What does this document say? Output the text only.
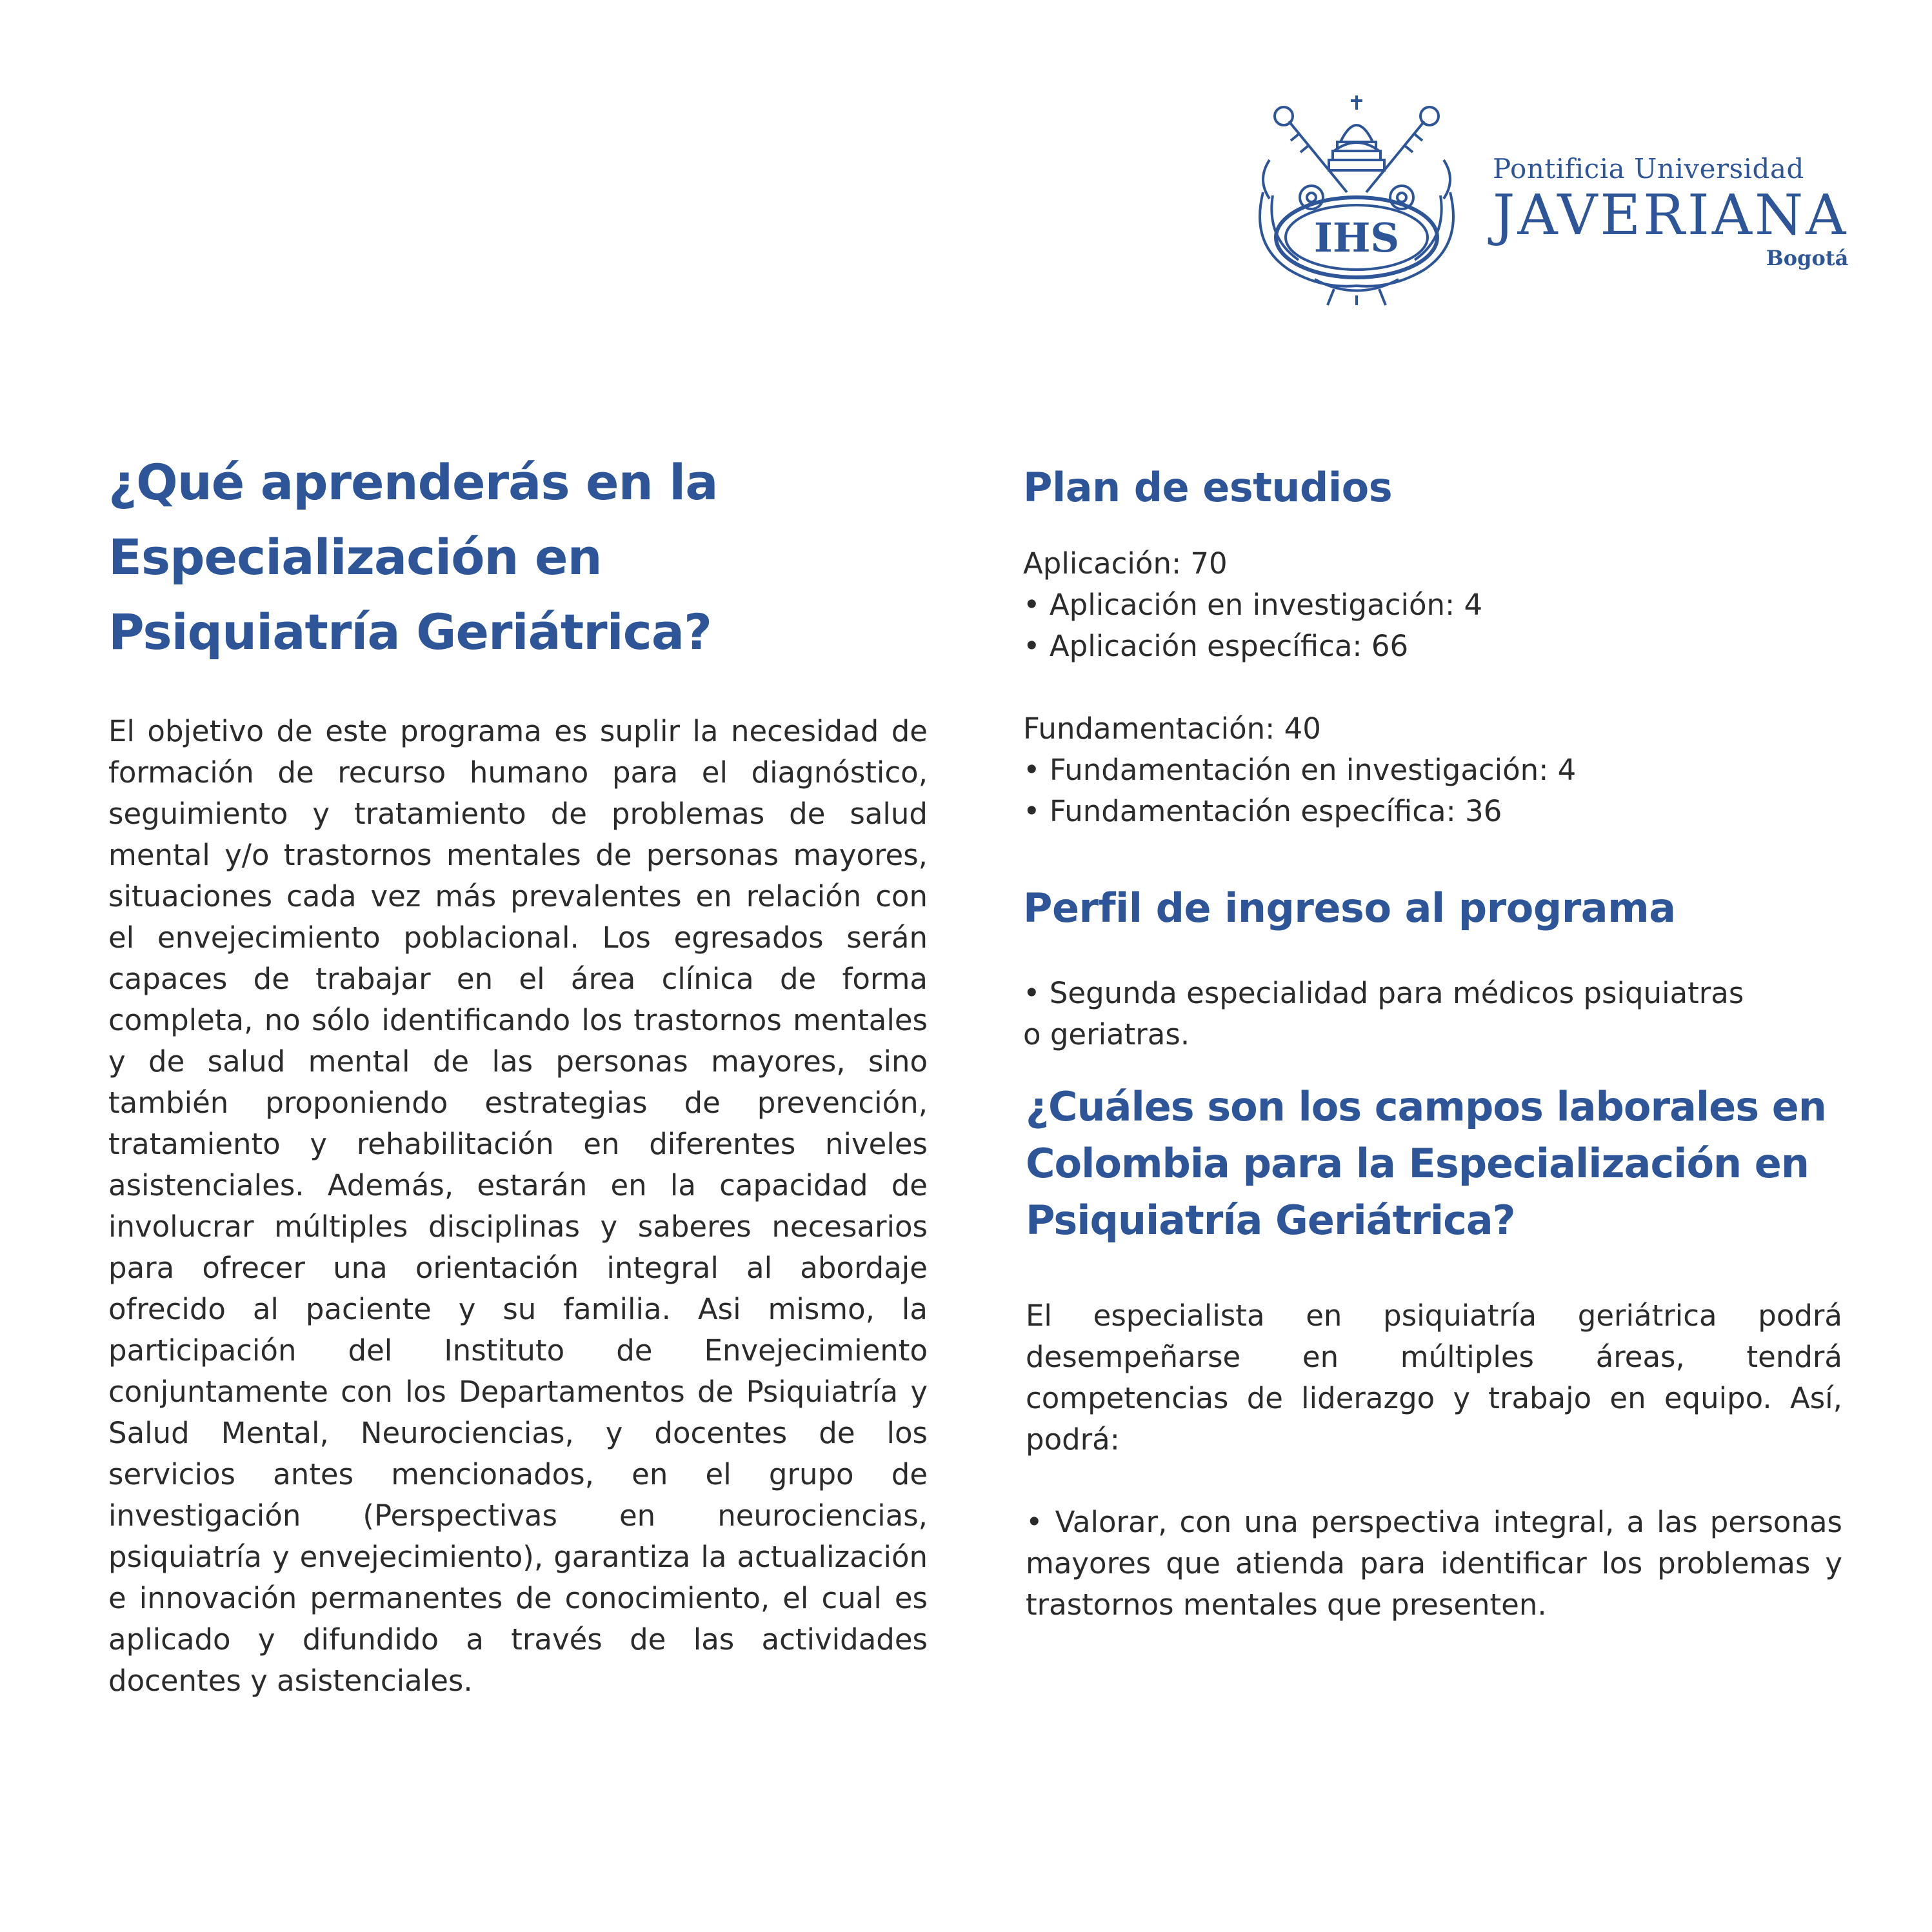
IHS
Pontificia Universidad
JAVERIANA
Bogotá
¿Qué aprenderás en la
Especialización en
Psiquiatría Geriátrica?

El objetivo de este programa es suplir la necesidad de formación de recurso humano para el diagnóstico, seguimiento y tratamiento de problemas de salud mental y/o trastornos mentales de personas mayores, situaciones cada vez más prevalentes en relación con el envejecimiento poblacional. Los egresados serán capaces de trabajar en el área clínica de forma completa, no sólo identificando los trastornos mentales y de salud mental de las personas mayores, sino también proponiendo estrategias de prevención, tratamiento y rehabilitación en diferentes niveles asistenciales. Además, estarán en la capacidad de involucrar múltiples disciplinas y saberes necesarios para ofrecer una orientación integral al abordaje ofrecido al paciente y su familia. Asi mismo, la participación del Instituto de Envejecimiento conjuntamente con los Departamentos de Psiquiatría y Salud Mental, Neurociencias, y docentes de los servicios antes mencionados, en el grupo de investigación (Perspectivas en neurociencias, psiquiatría y envejecimiento), garantiza la actualización e innovación permanentes de conocimiento, el cual es aplicado y difundido a través de las actividades docentes y asistenciales.

Plan de estudios
Aplicación: 70
• Aplicación en investigación: 4
• Aplicación específica: 66
Fundamentación: 40
• Fundamentación en investigación: 4
• Fundamentación específica: 36
Perfil de ingreso al programa
• Segunda especialidad para médicos psiquiatras
o geriatras.
¿Cuáles son los campos laborales en
Colombia para la Especialización en
Psiquiatría Geriátrica?

El especialista en psiquiatría geriátrica podrá desempeñarse en múltiples áreas, tendrá competencias de liderazgo y trabajo en equipo. Así, podrá:

• Valorar, con una perspectiva integral, a las personas mayores que atienda para identificar los problemas y trastornos mentales que presenten.
